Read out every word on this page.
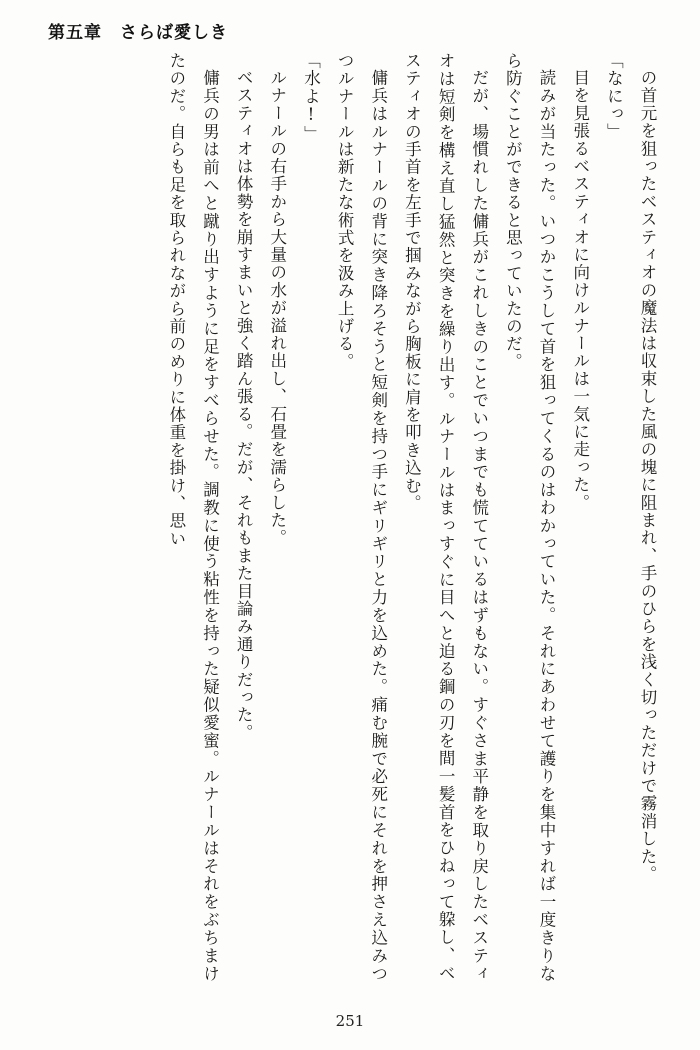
第五章 さらば愛しき

の首元を狙ったベスティオの魔法は収束した風の塊に阻まれ、手のひらを浅く切っただけで霧消した。

「なにっ」

目を見張るベスティオに向けルナールは一気に走った。

読みが当たった。いつかこうして首を狙ってくるのはわかっていた。それにあわせて護りを集中すれば一度きりなら防ぐことができると思っていたのだ。

だが、場慣れした傭兵がこれしきのことでいつまでも慌てているはずもない。すぐさま平静を取り戻したベスティオは短剣を構え直し猛然と突きを繰り出す。ルナールはまっすぐに目へと迫る鋼の刃を間一髪首をひねって躱し、ベスティオの手首を左手で掴みながら胸板に肩を叩き込む。

傭兵はルナールの背に突き降ろそうと短剣を持つ手にギリギリと力を込めた。痛む腕で必死にそれを押さえ込みつつルナールは新たな術式を汲み上げる。

「水よ!」

ルナールの右手から大量の水が溢れ出し、石畳を濡らした。

ベスティオは体勢を崩すまいと強く踏ん張る。だが、それもまた目論み通りだった。

傭兵の男は前へと蹴り出すように足をすべらせた。調教に使う粘性を持った疑似愛蜜。ルナールはそれをぶちまけたのだ。自らも足を取られながら前のめりに体重を掛け、思い

251
